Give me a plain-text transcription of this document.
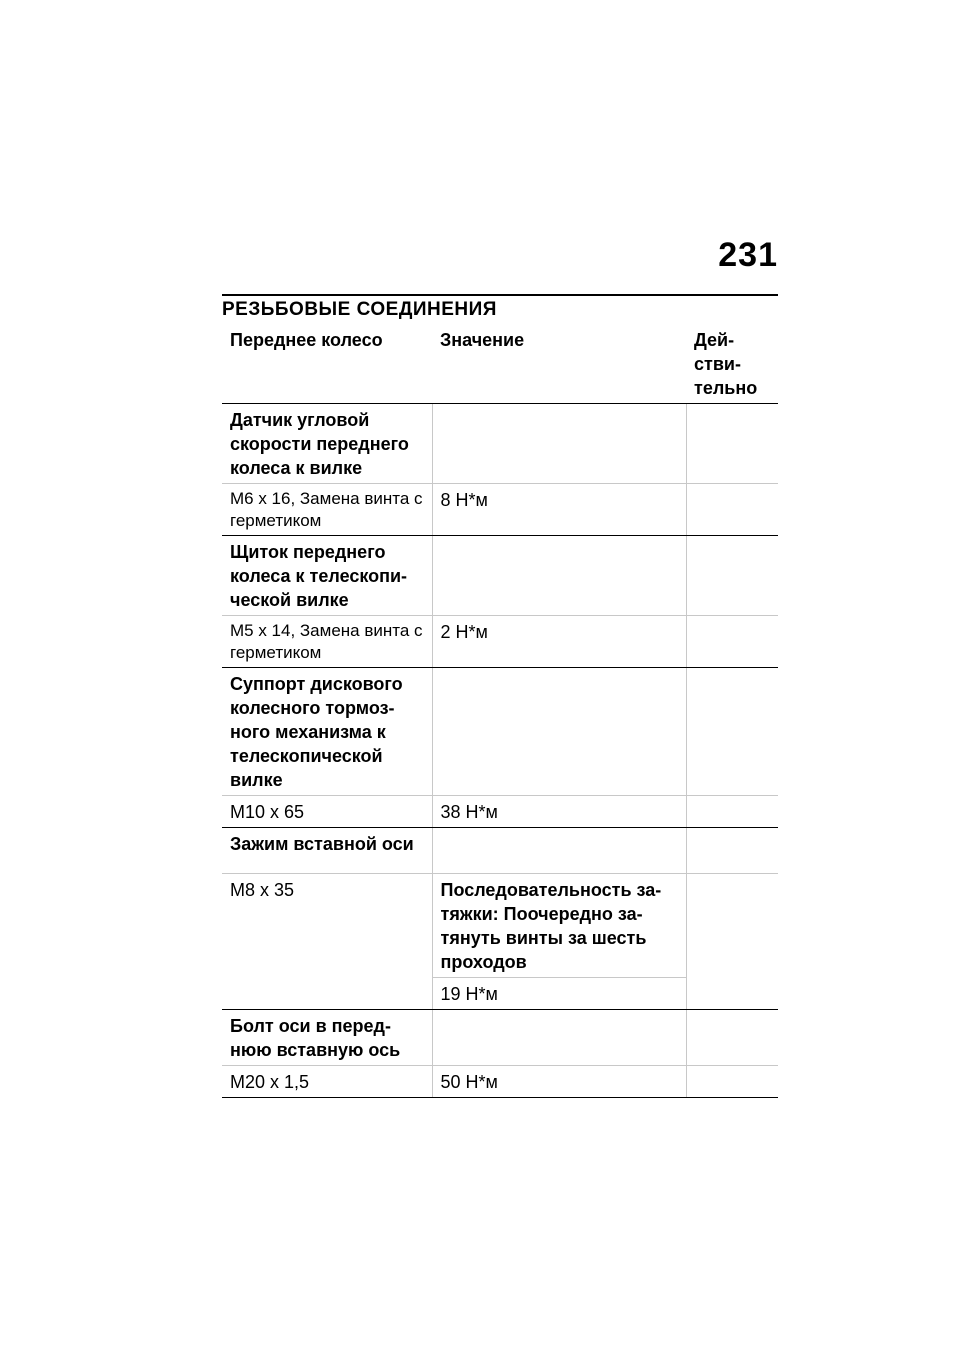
231
РЕЗЬБОВЫЕ СОЕДИНЕНИЯ
Переднее колесо	Значение	Дей-
стви-
тельно
Датчик угловой скорости переднего колеса к вилке		
M6 x 16, Замена винта с герметиком	8 Н*м	
Щиток переднего колеса к телескопи-ческой вилке		
M5 x 14, Замена винта с герметиком	2 Н*м	
Суппорт дискового колесного тормоз-ного механизма к телескопической вилке		
M10 x 65	38 Н*м	
Зажим вставной оси		
M8 x 35	Последовательность за-тяжки: Поочередно за-тянуть винты за шесть проходов	
	19 Н*м	
Болт оси в перед-нюю вставную ось		
M20 x 1,5	50 Н*м	
